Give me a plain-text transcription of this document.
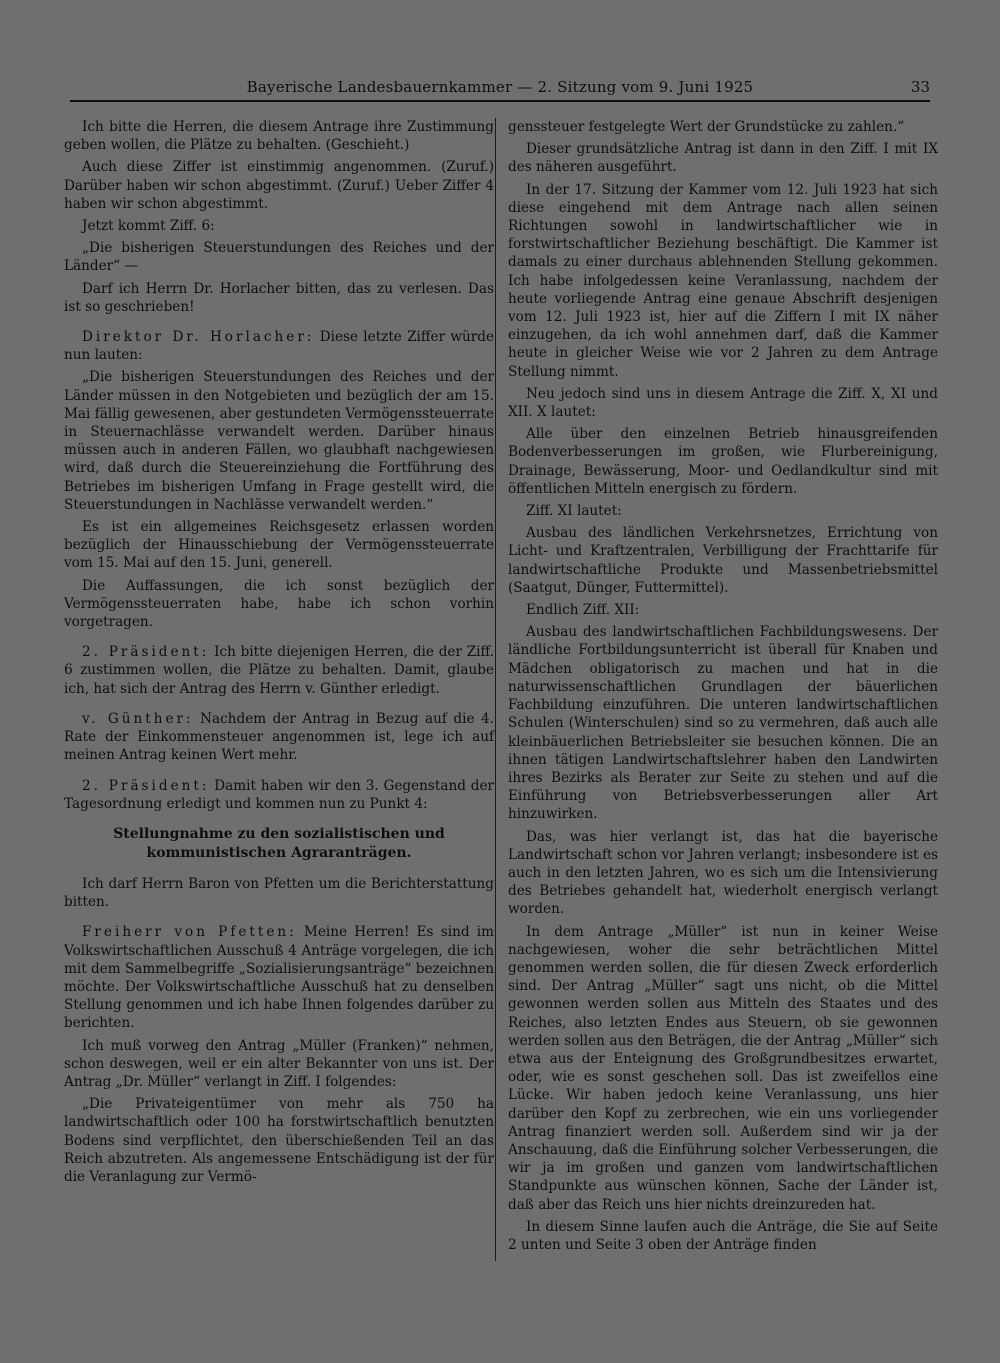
Bayerische Landesbauernkammer — 2. Sitzung vom 9. Juni 1925	33

Ich bitte die Herren, die diesem Antrage ihre Zustimmung geben wollen, die Plätze zu behalten. (Geschieht.)

Auch diese Ziffer ist einstimmig angenommen. (Zuruf.) Darüber haben wir schon abgestimmt. (Zuruf.) Ueber Ziffer 4 haben wir schon abgestimmt.

Jetzt kommt Ziff. 6:

„Die bisherigen Steuerstundungen des Reiches und der Länder“ —

Darf ich Herrn Dr. Horlacher bitten, das zu verlesen. Das ist so geschrieben!

Direktor Dr. Horlacher: Diese letzte Ziffer würde nun lauten:

„Die bisherigen Steuerstundungen des Reiches und der Länder müssen in den Notgebieten und bezüglich der am 15. Mai fällig gewesenen, aber gestundeten Vermögenssteuerrate in Steuernachlässe verwandelt werden. Darüber hinaus müssen auch in anderen Fällen, wo glaubhaft nachgewiesen wird, daß durch die Steuereinziehung die Fortführung des Betriebes im bisherigen Umfang in Frage gestellt wird, die Steuerstundungen in Nachlässe verwandelt werden.“

Es ist ein allgemeines Reichsgesetz erlassen worden bezüglich der Hinausschiebung der Vermögenssteuerrate vom 15. Mai auf den 15. Juni, generell.

Die Auffassungen, die ich sonst bezüglich der Vermögenssteuerraten habe, habe ich schon vorhin vorgetragen.

2. Präsident: Ich bitte diejenigen Herren, die der Ziff. 6 zustimmen wollen, die Plätze zu behalten. Damit, glaube ich, hat sich der Antrag des Herrn v. Günther erledigt.

v. Günther: Nachdem der Antrag in Bezug auf die 4. Rate der Einkommensteuer angenommen ist, lege ich auf meinen Antrag keinen Wert mehr.

2. Präsident: Damit haben wir den 3. Gegenstand der Tagesordnung erledigt und kommen nun zu Punkt 4:

Stellungnahme zu den sozialistischen und
kommunistischen Agraranträgen.

Ich darf Herrn Baron von Pfetten um die Berichterstattung bitten.

Freiherr von Pfetten: Meine Herren! Es sind im Volkswirtschaftlichen Ausschuß 4 Anträge vorgelegen, die ich mit dem Sammelbegriffe „Sozialisierungsanträge“ bezeichnen möchte. Der Volkswirtschaftliche Ausschuß hat zu denselben Stellung genommen und ich habe Ihnen folgendes darüber zu berichten.

Ich muß vorweg den Antrag „Müller (Franken)“ nehmen, schon deswegen, weil er ein alter Bekannter von uns ist. Der Antrag „Dr. Müller“ verlangt in Ziff. I folgendes:

„Die Privateigentümer von mehr als 750 ha landwirtschaftlich oder 100 ha forstwirtschaftlich benutzten Bodens sind verpflichtet, den überschießenden Teil an das Reich abzutreten. Als angemessene Entschädigung ist der für die Veranlagung zur Vermö-

genssteuer festgelegte Wert der Grundstücke zu zahlen.“

Dieser grundsätzliche Antrag ist dann in den Ziff. I mit IX des näheren ausgeführt.

In der 17. Sitzung der Kammer vom 12. Juli 1923 hat sich diese eingehend mit dem Antrage nach allen seinen Richtungen sowohl in landwirtschaftlicher wie in forstwirtschaftlicher Beziehung beschäftigt. Die Kammer ist damals zu einer durchaus ablehnenden Stellung gekommen. Ich habe infolgedessen keine Veranlassung, nachdem der heute vorliegende Antrag eine genaue Abschrift desjenigen vom 12. Juli 1923 ist, hier auf die Ziffern I mit IX näher einzugehen, da ich wohl annehmen darf, daß die Kammer heute in gleicher Weise wie vor 2 Jahren zu dem Antrage Stellung nimmt.

Neu jedoch sind uns in diesem Antrage die Ziff. X, XI und XII. X lautet:

Alle über den einzelnen Betrieb hinausgreifenden Bodenverbesserungen im großen, wie Flurbereinigung, Drainage, Bewässerung, Moor- und Oedlandkultur sind mit öffentlichen Mitteln energisch zu fördern.

Ziff. XI lautet:

Ausbau des ländlichen Verkehrsnetzes, Errichtung von Licht- und Kraftzentralen, Verbilligung der Frachttarife für landwirtschaftliche Produkte und Massenbetriebsmittel (Saatgut, Dünger, Futtermittel).

Endlich Ziff. XII:

Ausbau des landwirtschaftlichen Fachbildungswesens. Der ländliche Fortbildungsunterricht ist überall für Knaben und Mädchen obligatorisch zu machen und hat in die naturwissenschaftlichen Grundlagen der bäuerlichen Fachbildung einzuführen. Die unteren landwirtschaftlichen Schulen (Winterschulen) sind so zu vermehren, daß auch alle kleinbäuerlichen Betriebsleiter sie besuchen können. Die an ihnen tätigen Landwirtschaftslehrer haben den Landwirten ihres Bezirks als Berater zur Seite zu stehen und auf die Einführung von Betriebsverbesserungen aller Art hinzuwirken.

Das, was hier verlangt ist, das hat die bayerische Landwirtschaft schon vor Jahren verlangt; insbesondere ist es auch in den letzten Jahren, wo es sich um die Intensivierung des Betriebes gehandelt hat, wiederholt energisch verlangt worden.

In dem Antrage „Müller“ ist nun in keiner Weise nachgewiesen, woher die sehr beträchtlichen Mittel genommen werden sollen, die für diesen Zweck erforderlich sind. Der Antrag „Müller“ sagt uns nicht, ob die Mittel gewonnen werden sollen aus Mitteln des Staates und des Reiches, also letzten Endes aus Steuern, ob sie gewonnen werden sollen aus den Beträgen, die der Antrag „Müller“ sich etwa aus der Enteignung des Großgrundbesitzes erwartet, oder, wie es sonst geschehen soll. Das ist zweifellos eine Lücke. Wir haben jedoch keine Veranlassung, uns hier darüber den Kopf zu zerbrechen, wie ein uns vorliegender Antrag finanziert werden soll. Außerdem sind wir ja der Anschauung, daß die Einführung solcher Verbesserungen, die wir ja im großen und ganzen vom landwirtschaftlichen Standpunkte aus wünschen können, Sache der Länder ist, daß aber das Reich uns hier nichts dreinzureden hat.

In diesem Sinne laufen auch die Anträge, die Sie auf Seite 2 unten und Seite 3 oben der Anträge finden
